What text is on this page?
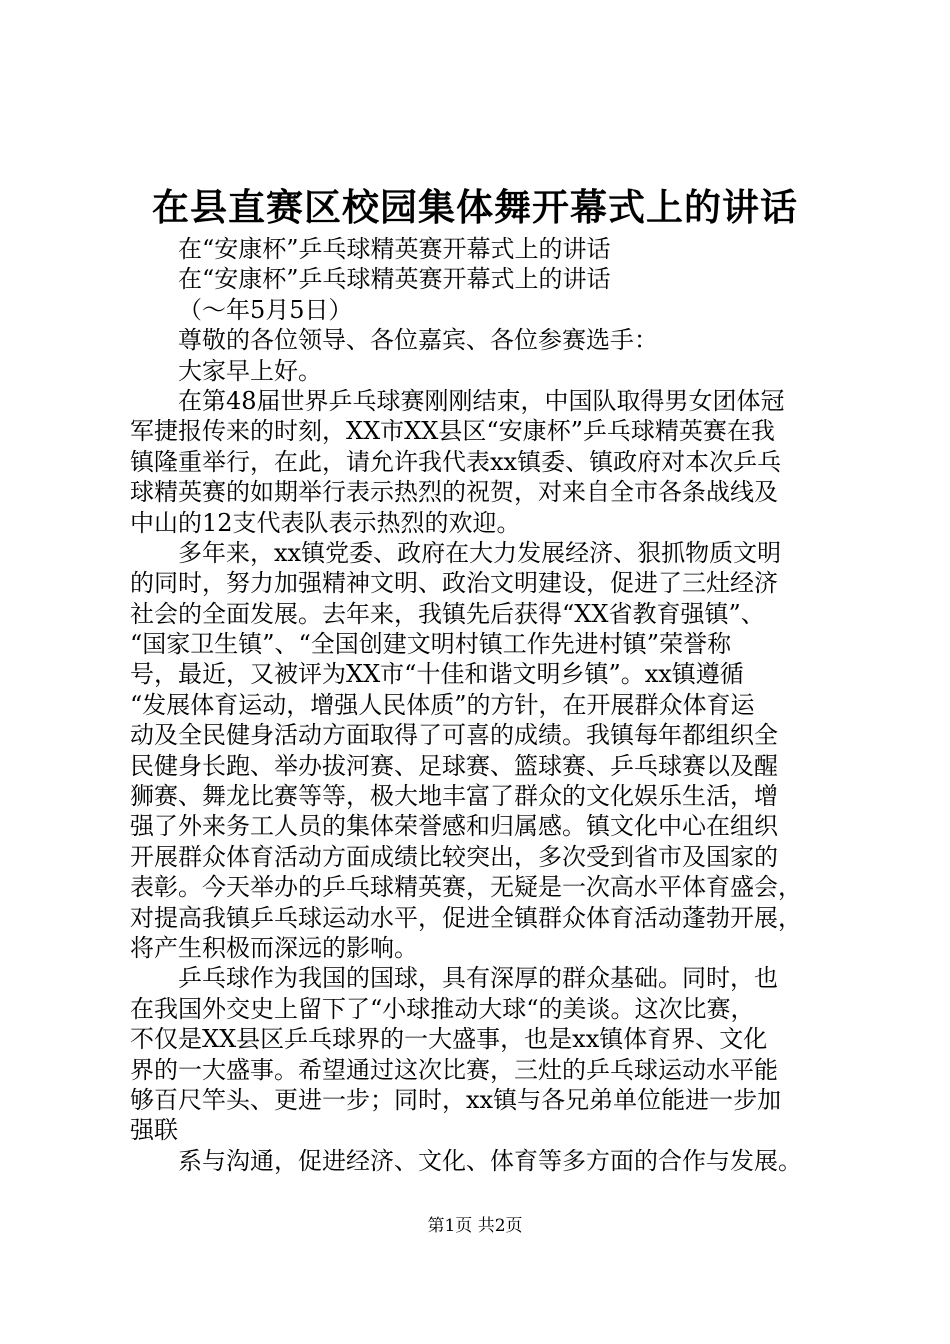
在县直赛区校园集体舞开幕式上的讲话
在“安康杯”乒乓球精英赛开幕式上的讲话
在“安康杯”乒乓球精英赛开幕式上的讲话
（～年5月5日）
尊敬的各位领导、各位嘉宾、各位参赛选手：
大家早上好。
在第48届世界乒乓球赛刚刚结束，中国队取得男女团体冠
军捷报传来的时刻，XX市XX县区“安康杯”乒乓球精英赛在我
镇隆重举行，在此，请允许我代表xx镇委、镇政府对本次乒乓
球精英赛的如期举行表示热烈的祝贺，对来自全市各条战线及
中山的12支代表队表示热烈的欢迎。
多年来，xx镇党委、政府在大力发展经济、狠抓物质文明
的同时，努力加强精神文明、政治文明建设，促进了三灶经济
社会的全面发展。去年来，我镇先后获得“XX省教育强镇”、
“国家卫生镇”、“全国创建文明村镇工作先进村镇”荣誉称
号，最近，又被评为XX市“十佳和谐文明乡镇”。xx镇遵循
“发展体育运动，增强人民体质”的方针，在开展群众体育运
动及全民健身活动方面取得了可喜的成绩。我镇每年都组织全
民健身长跑、举办拔河赛、足球赛、篮球赛、乒乓球赛以及醒
狮赛、舞龙比赛等等，极大地丰富了群众的文化娱乐生活，增
强了外来务工人员的集体荣誉感和归属感。镇文化中心在组织
开展群众体育活动方面成绩比较突出，多次受到省市及国家的
表彰。今天举办的乒乓球精英赛，无疑是一次高水平体育盛会，
对提高我镇乒乓球运动水平，促进全镇群众体育活动蓬勃开展，
将产生积极而深远的影响。
乒乓球作为我国的国球，具有深厚的群众基础。同时，也
在我国外交史上留下了“小球推动大球“的美谈。这次比赛，
不仅是XX县区乒乓球界的一大盛事，也是xx镇体育界、文化
界的一大盛事。希望通过这次比赛，三灶的乒乓球运动水平能
够百尺竿头、更进一步；同时，xx镇与各兄弟单位能进一步加
强联
系与沟通，促进经济、文化、体育等多方面的合作与发展。
第1页 共2页
